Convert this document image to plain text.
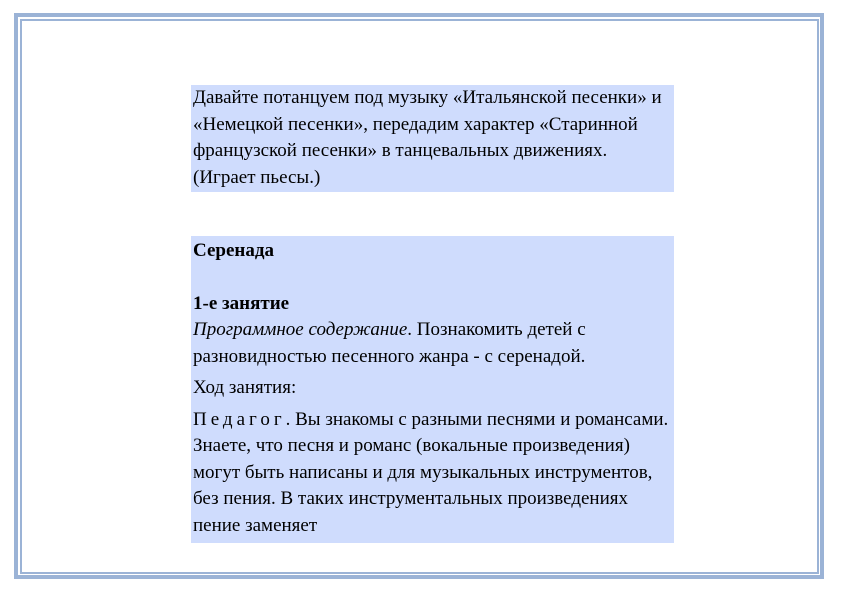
Давайте потанцуем под музыку «Итальянской песенки» и «Немецкой песенки», передадим характер «Старинной французской песенки» в танцевальных движениях. (Играет пьесы.)

Серенада

1-е занятие

Программное содержание. Познакомить детей с разновидностью песенного жанра - с серенадой.

Ход занятия:

Педагог. Вы знакомы с разными песнями и романсами. Знаете, что песня и романс (вокальные произведения) могут быть написаны и для музыкальных инструментов, без пения. В таких инструментальных произведениях пение заменяет
